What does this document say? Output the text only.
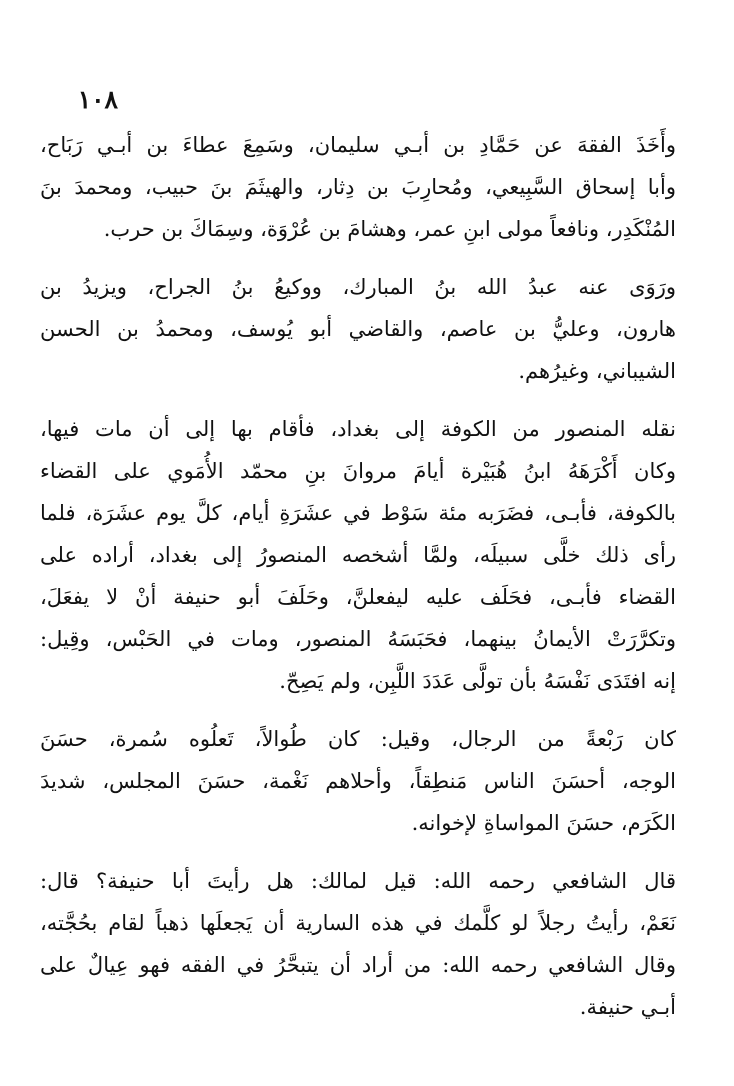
١٠٨

وأَخَذَ الفقهَ عن حَمَّادِ بن أبـي سليمان، وسَمِعَ عطاءَ بن أبـي رَبَاح،
وأبا إسحاق السَّبِيعي، ومُحارِبَ بن دِثار، والهيثَمَ بنَ حبيب، ومحمدَ بنَ
المُنْكَدِر، ونافعاً مولى ابنِ عمر، وهشامَ بن عُرْوَة، وسِمَاكَ بن حرب.

ورَوَى عنه عبدُ الله بنُ المبارك، ووكيعُ بنُ الجراح، ويزيدُ بن
هارون، وعليُّ بن عاصم، والقاضي أبو يُوسف، ومحمدُ بن الحسن
الشيباني، وغيرُهم.

نقله المنصور من الكوفة إلى بغداد، فأقام بها إلى أن مات فيها،
وكان أَكْرَهَهُ ابنُ هُبَيْرة أيامَ مروانَ بنِ محمّد الأُمَوي على القضاء
بالكوفة، فأبـى، فضَرَبه مئة سَوْط في عشَرَةِ أيام، كلَّ يوم عشَرَة، فلما
رأى ذلك خلَّى سبيلَه، ولمَّا أشخصه المنصورُ إلى بغداد، أراده على
القضاء فأبـى، فحَلَف عليه ليفعلنَّ، وحَلَفَ أبو حنيفة أنْ لا يفعَلَ،
وتكرَّرَتْ الأيمانُ بينهما، فحَبَسَهُ المنصور، ومات في الحَبْس، وقِيل:
إنه افتَدَى نَفْسَهُ بأن تولَّى عَدَدَ اللَّبِن، ولم يَصِحّ.

كان رَبْعةً من الرجال، وقيل: كان طُوالاً، تَعلُوه سُمرة، حسَنَ
الوجه، أحسَنَ الناس مَنطِقاً، وأحلاهم نَغْمة، حسَنَ المجلس، شديدَ
الكَرَم، حسَنَ المواساةِ لإخوانه.

قال الشافعي رحمه الله: قيل لمالك: هل رأيتَ أبا حنيفة؟ قال:
نَعَمْ، رأيتُ رجلاً لو كلَّمك في هذه السارية أن يَجعلَها ذهباً لقام بحُجَّته،
وقال الشافعي رحمه الله: من أراد أن يتبحَّرُ في الفقه فهو عِيالٌ على
أبـي حنيفة.
